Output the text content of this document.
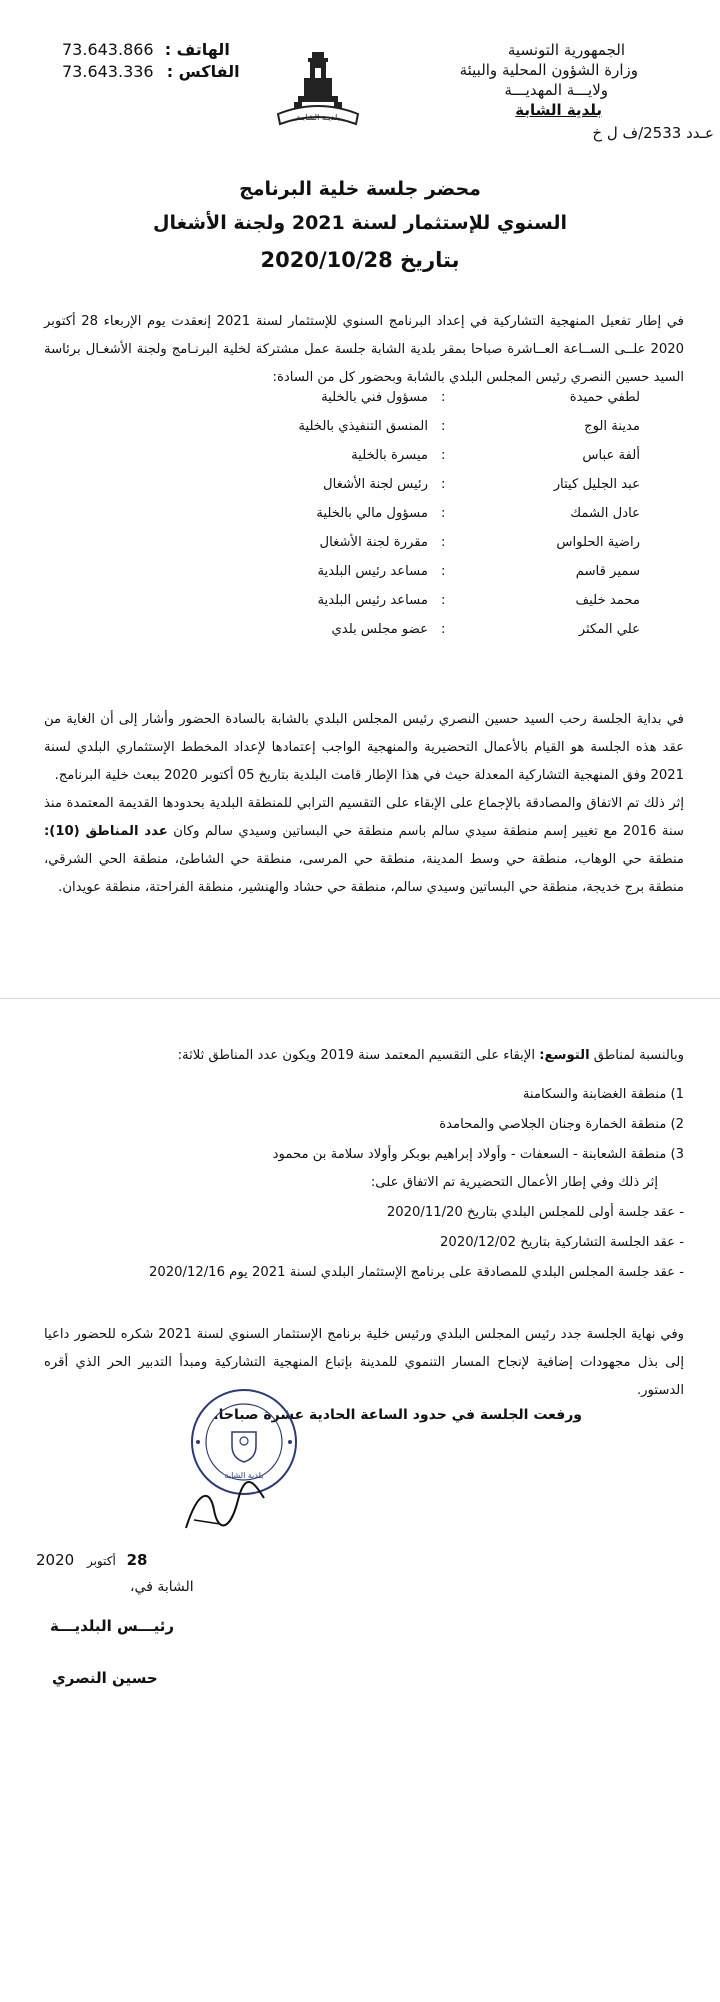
73.643.866 الهاتف :
73.643.336 الفاكس :
بلديـة الشابـة
الجمهورية التونسية
وزارة الشؤون المحلية والبيئة
ولايـــة المهديـــة
بلدية الشابة
عـدد 2533/ف ل خ
محضر جلسة خلية البرنامج
السنوي للإستثمار لسنة 2021 ولجنة الأشغال
بتاريخ 2020/10/28
في إطار تفعيل المنهجية التشاركية في إعداد البرنامج السنوي للإستثمار لسنة 2021 إنعقدت يوم الإربعاء 28 أكتوبر 2020 علــى الســاعة العــاشرة صباحا بمقر بلدية الشابة جلسة عمل مشتركة لخلية البرنـامج ولجنة الأشغـال برئاسة السيد حسين النصري رئيس المجلس البلدي بالشابة وبحضور كل من السادة:
لطفي حميدة
:
مسؤول فني بالخلية
مدينة الوج
:
المنسق التنفيذي بالخلية
ألفة عباس
:
ميسرة بالخلية
عبد الجليل كيتار
:
رئيس لجنة الأشغال
عادل الشمك
:
مسؤول مالي بالخلية
راضية الحلواس
:
مقررة لجنة الأشغال
سمير قاسم
:
مساعد رئيس البلدية
محمد خليف
:
مساعد رئيس البلدية
علي المكثر
:
عضو مجلس بلدي
في بداية الجلسة رحب السيد حسين النصري رئيس المجلس البلدي بالشابة بالسادة الحضور وأشار إلى أن الغاية من عقد هذه الجلسة هو القيام بالأعمال التحضيرية والمنهجية الواجب إعتمادها لإعداد المخطط الإستثماري البلدي لسنة 2021 وفق المنهجية التشاركية المعدلة حيث في هذا الإطار قامت البلدية بتاريخ 05 أكتوبر 2020 ببعث خلية البرنامج.
إثر ذلك تم الاتفاق والمصادقة بالإجماع على الإبقاء على التقسيم الترابي للمنطقة البلدية بحدودها القديمة المعتمدة منذ سنة 2016 مع تغيير إسم منطقة سيدي سالم باسم منطقة حي البساتين وسيدي سالم وكان عدد المناطق (10): منطقة حي الوهاب، منطقة حي وسط المدينة، منطقة حي المرسى، منطقة حي الشاطئ، منطقة الحي الشرقي، منطقة برج خديجة، منطقة حي البساتين وسيدي سالم، منطقة حي حشاد والهنشير، منطقة الفراحتة، منطقة عويدان.
وبالنسبة لمناطق التوسع: الإبقاء على التقسيم المعتمد سنة 2019 ويكون عدد المناطق ثلاثة:
1) منطقة الغضابنة والسكامنة
2) منطقة الخمارة وجنان الجلاصي والمحامدة
3) منطقة الشعابنة - السعفات - وأولاد إبراهيم بوبكر وأولاد سلامة بن محمود
إثر ذلك وفي إطار الأعمال التحضيرية تم الاتفاق على:
- عقد جلسة أولى للمجلس البلدي بتاريخ 2020/11/20
- عقد الجلسة التشاركية بتاريخ 2020/12/02
- عقد جلسة المجلس البلدي للمصادقة على برنامج الإستثمار البلدي لسنة 2021 يوم 2020/12/16
وفي نهاية الجلسة جدد رئيس المجلس البلدي ورئيس خلية برنامج الإستثمار السنوي لسنة 2021 شكره للحضور داعيا إلى بذل مجهودات إضافية لإنجاح المسار التنموي للمدينة بإتباع المنهجية التشاركية ومبدأ التدبير الحر الذي أقره الدستور.
ورفعت الجلسة في حدود الساعة الحادية عشرة صباحا.
2020 أكتوبر 28
الشابة في،
رئيـــس البلديـــة
حسين النصري
بلدية الشابة
